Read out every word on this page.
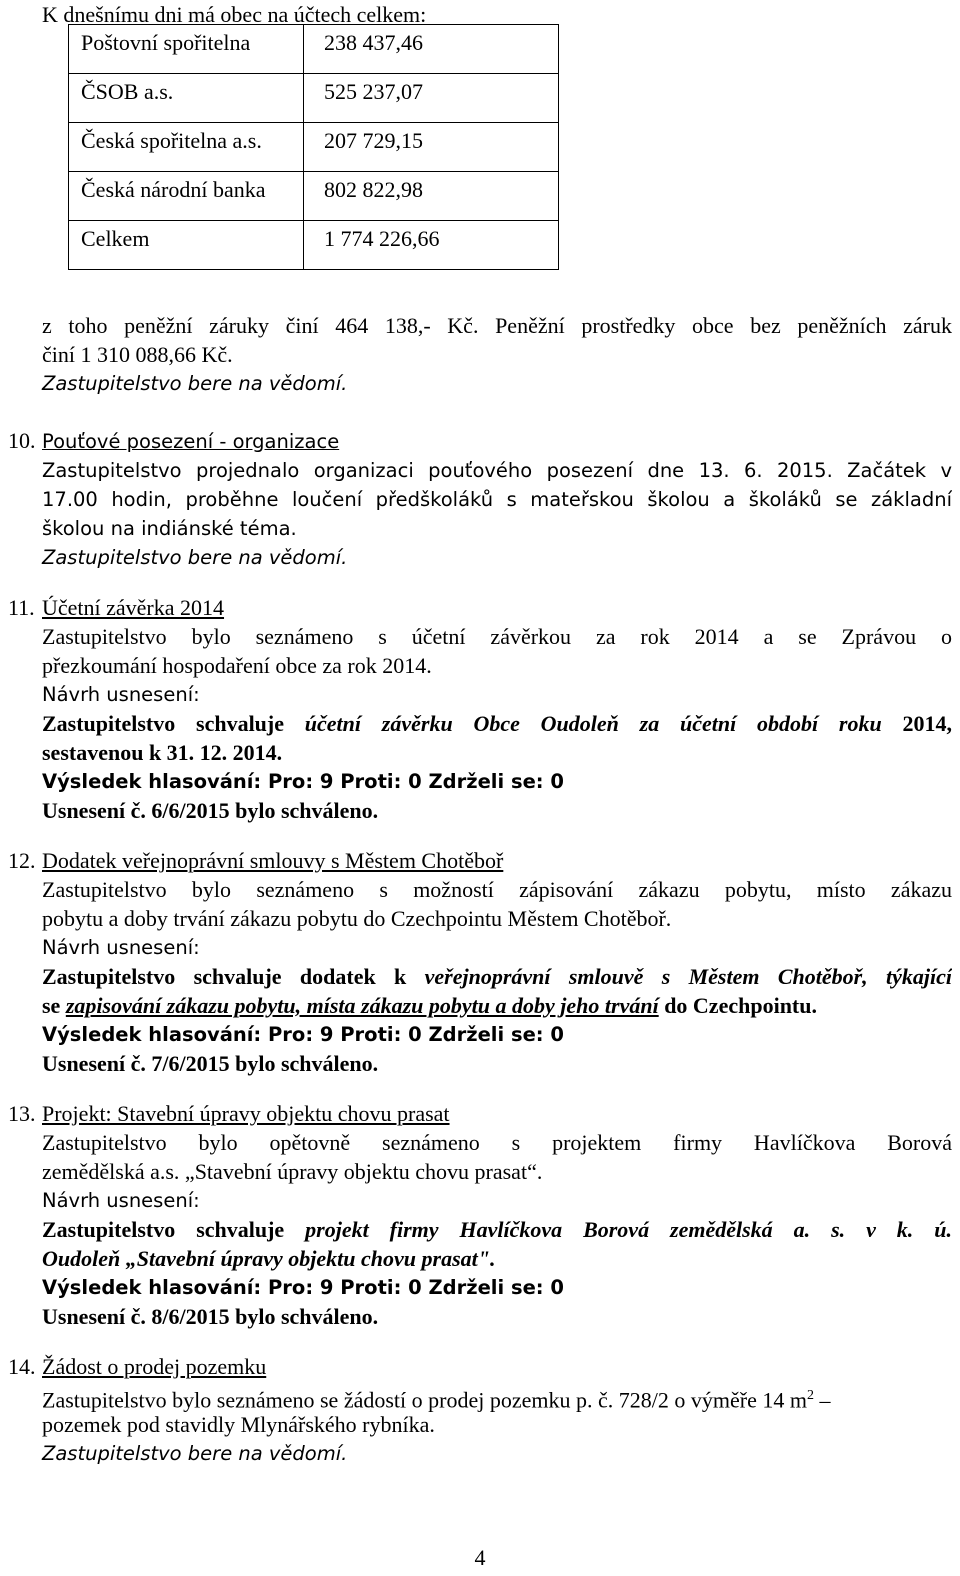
K dnešnímu dni má obec na účtech celkem:
Poštovní spořitelna	238 437,46
ČSOB a.s.	525 237,07
Česká spořitelna a.s.	207 729,15
Česká národní banka	802 822,98
Celkem	1 774 226,66
z toho peněžní záruky činí 464 138,- Kč. Peněžní prostředky obce bez peněžních záruk
činí 1 310 088,66 Kč.
Zastupitelstvo bere na vědomí.
10. Pouťové posezení - organizace
Zastupitelstvo projednalo organizaci pouťového posezení dne 13. 6. 2015. Začátek v
17.00 hodin, proběhne loučení předškoláků s mateřskou školou a školáků se základní
školou na indiánské téma.
Zastupitelstvo bere na vědomí.
11. Účetní závěrka 2014
Zastupitelstvo bylo seznámeno s účetní závěrkou za rok 2014 a se Zprávou o
přezkoumání hospodaření obce za rok 2014.
Návrh usnesení:
Zastupitelstvo schvaluje účetní závěrku Obce Oudoleň za účetní období roku 2014,
sestavenou k 31. 12. 2014.
Výsledek hlasování: Pro: 9 Proti: 0 Zdrželi se: 0
Usnesení č. 6/6/2015 bylo schváleno.
12. Dodatek veřejnoprávní smlouvy s Městem Chotěboř
Zastupitelstvo bylo seznámeno s možností zápisování zákazu pobytu, místo zákazu
pobytu a doby trvání zákazu pobytu do Czechpointu Městem Chotěboř.
Návrh usnesení:
Zastupitelstvo schvaluje dodatek k veřejnoprávní smlouvě s Městem Chotěboř, týkající
se zapisování zákazu pobytu, místa zákazu pobytu a doby jeho trvání do Czechpointu.
Výsledek hlasování: Pro: 9 Proti: 0 Zdrželi se: 0
Usnesení č. 7/6/2015 bylo schváleno.
13. Projekt: Stavební úpravy objektu chovu prasat
Zastupitelstvo bylo opětovně seznámeno s projektem firmy Havlíčkova Borová
zemědělská a.s. „Stavební úpravy objektu chovu prasat“.
Návrh usnesení:
Zastupitelstvo schvaluje projekt firmy Havlíčkova Borová zemědělská a. s. v k. ú.
Oudoleň „Stavební úpravy objektu chovu prasat".
Výsledek hlasování: Pro: 9 Proti: 0 Zdrželi se: 0
Usnesení č. 8/6/2015 bylo schváleno.
14. Žádost o prodej pozemku
Zastupitelstvo bylo seznámeno se žádostí o prodej pozemku p. č. 728/2 o výměře 14 $m^2$ –
pozemek pod stavidly Mlynářského rybníka.
Zastupitelstvo bere na vědomí.
4
